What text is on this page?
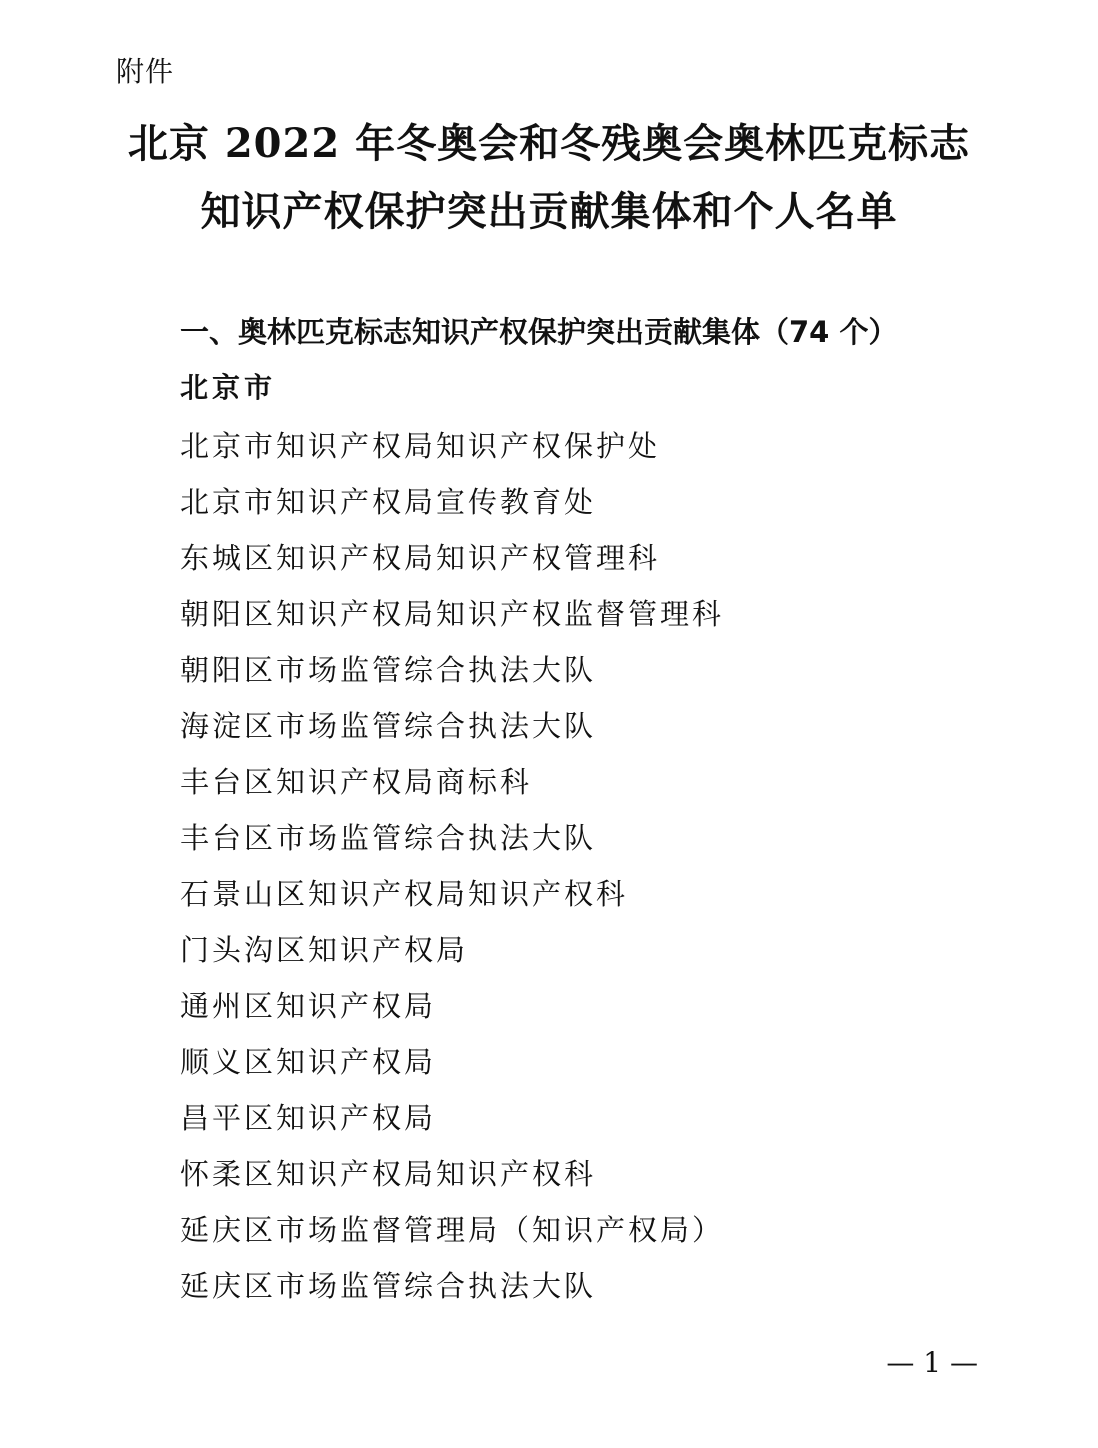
附件
北京 2022 年冬奥会和冬残奥会奥林匹克标志
知识产权保护突出贡献集体和个人名单
一、奥林匹克标志知识产权保护突出贡献集体（74 个）
北京市
北京市知识产权局知识产权保护处
北京市知识产权局宣传教育处
东城区知识产权局知识产权管理科
朝阳区知识产权局知识产权监督管理科
朝阳区市场监管综合执法大队
海淀区市场监管综合执法大队
丰台区知识产权局商标科
丰台区市场监管综合执法大队
石景山区知识产权局知识产权科
门头沟区知识产权局
通州区知识产权局
顺义区知识产权局
昌平区知识产权局
怀柔区知识产权局知识产权科
延庆区市场监督管理局（知识产权局）
延庆区市场监管综合执法大队
— 1 —
